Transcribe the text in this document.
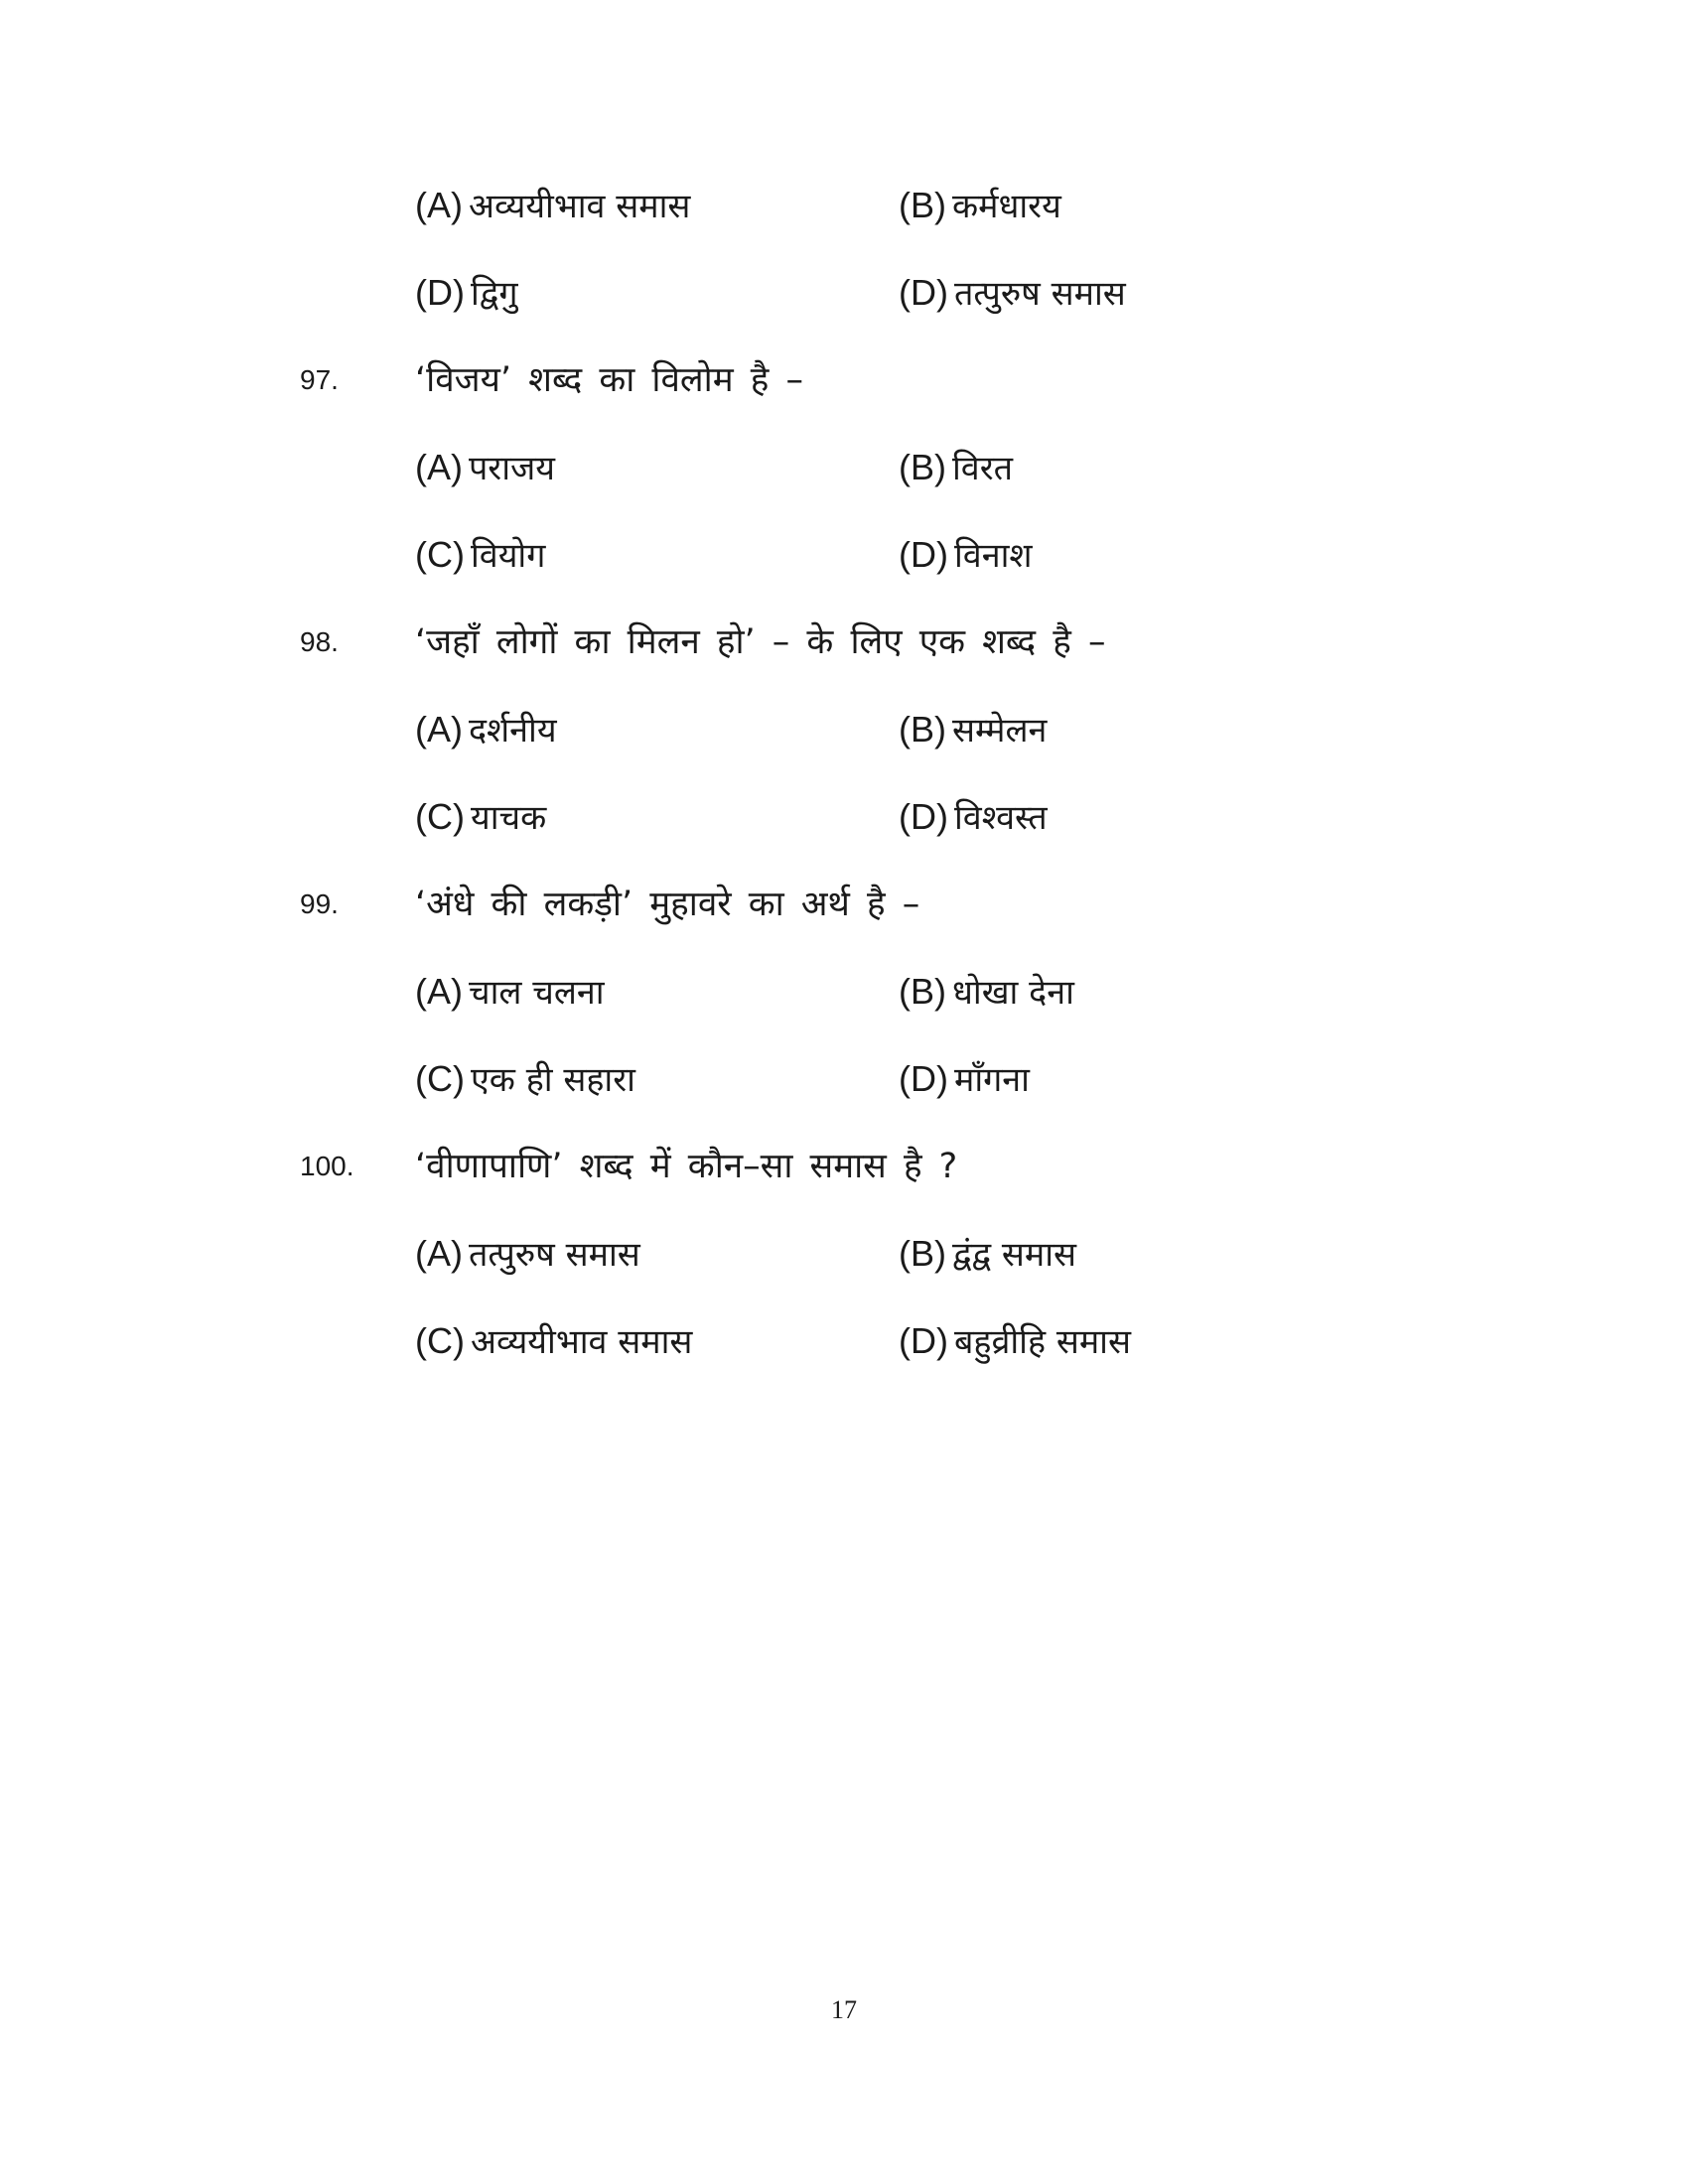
(A) अव्ययीभाव समास	(B) कर्मधारय
(D) द्विगु	(D) तत्पुरुष समास
97. ‘विजय’ शब्द का विलोम है –
(A) पराजय	(B) विरत
(C) वियोग	(D) विनाश
98. ‘जहाँ लोगों का मिलन हो’ – के लिए एक शब्द है –
(A) दर्शनीय	(B) सम्मेलन
(C) याचक	(D) विश्वस्त
99. ‘अंधे की लकड़ी’ मुहावरे का अर्थ है –
(A) चाल चलना	(B) धोखा देना
(C) एक ही सहारा	(D) माँगना
100. ‘वीणापाणि’ शब्द में कौन–सा समास है ?
(A) तत्पुरुष समास	(B) द्वंद्व समास
(C) अव्ययीभाव समास	(D) बहुव्रीहि समास
17
